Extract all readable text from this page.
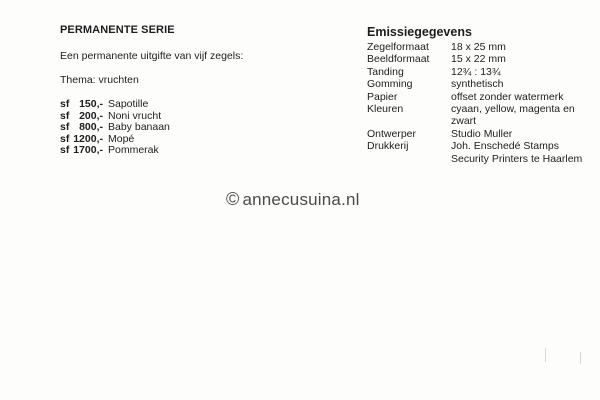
PERMANENTE SERIE
Een permanente uitgifte van vijf zegels:
Thema: vruchten
sf 150,- Sapotille
sf 200,- Noni vrucht
sf 800,- Baby banaan
sf 1200,- Mopé
sf 1700,- Pommerak
Emissiegegevens
Zegelformaat	18 x 25 mm
Beeldformaat	15 x 22 mm
Tanding	12¾ : 13¾
Gomming	synthetisch
Papier	offset zonder watermerk
Kleuren	cyaan, yellow, magenta en
zwart
Ontwerper	Studio Muller
Drukkerij	Joh. Enschedé Stamps
Security Printers te Haarlem
© annecusuina.nl
